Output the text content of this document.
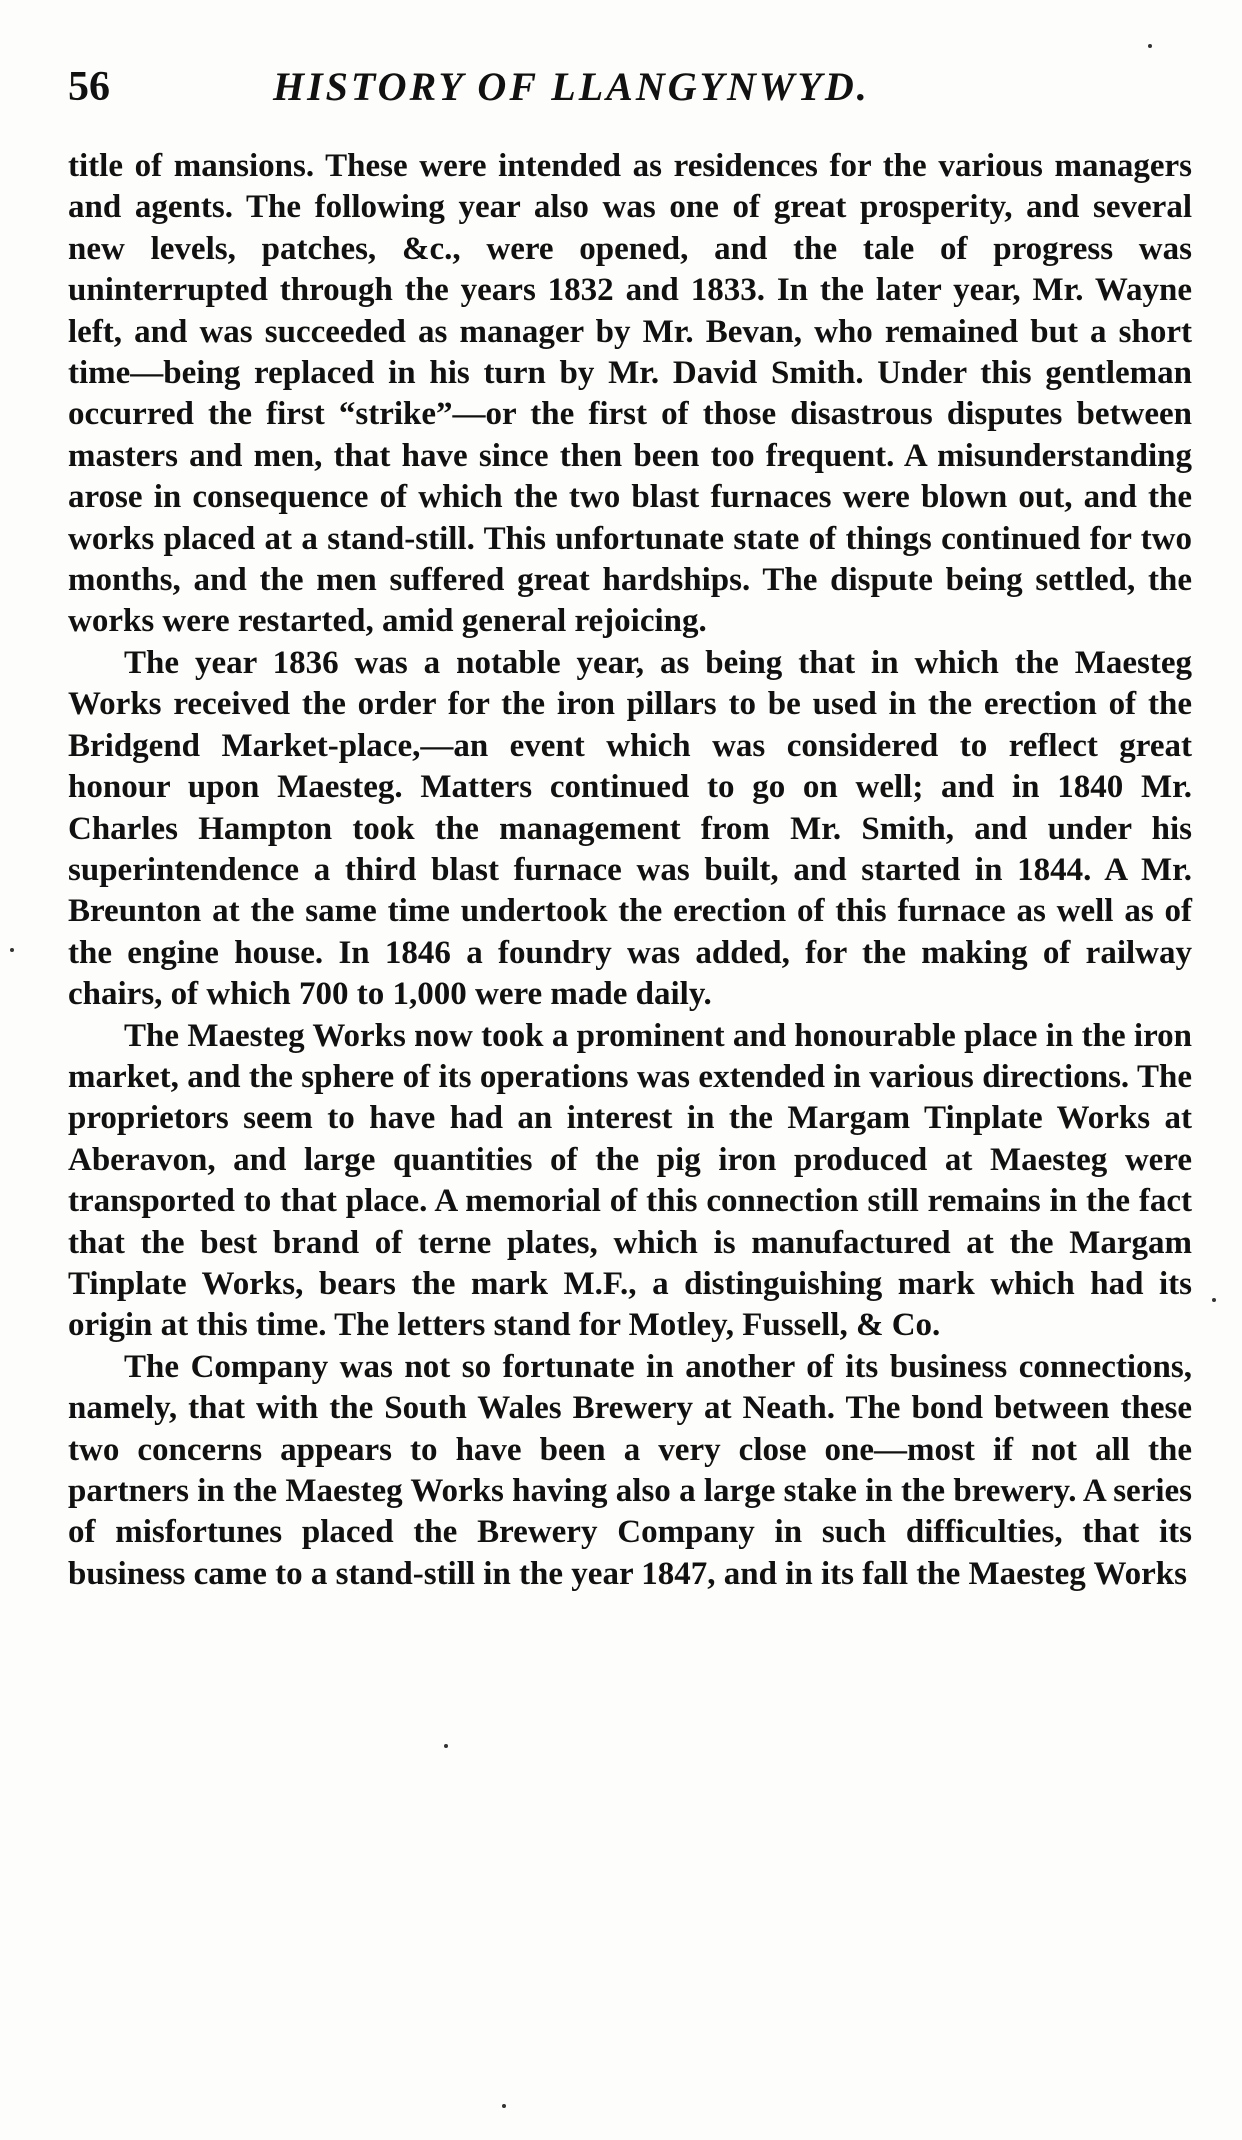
56	HISTORY OF LLANGYNWYD.

title of mansions. These were intended as residences for the various managers and agents. The following year also was one of great prosperity, and several new levels, patches, &c., were opened, and the tale of progress was uninterrupted through the years 1832 and 1833. In the later year, Mr. Wayne left, and was succeeded as manager by Mr. Bevan, who remained but a short time—being replaced in his turn by Mr. David Smith. Under this gentleman occurred the first “strike”—or the first of those disastrous disputes between masters and men, that have since then been too frequent. A misunderstanding arose in consequence of which the two blast furnaces were blown out, and the works placed at a stand-still. This unfortunate state of things continued for two months, and the men suffered great hardships. The dispute being settled, the works were restarted, amid general rejoicing.

The year 1836 was a notable year, as being that in which the Maesteg Works received the order for the iron pillars to be used in the erection of the Bridgend Market-place,—an event which was considered to reflect great honour upon Maesteg. Matters continued to go on well; and in 1840 Mr. Charles Hampton took the management from Mr. Smith, and under his superintendence a third blast furnace was built, and started in 1844. A Mr. Breunton at the same time undertook the erection of this furnace as well as of the engine house. In 1846 a foundry was added, for the making of railway chairs, of which 700 to 1,000 were made daily.

The Maesteg Works now took a prominent and honourable place in the iron market, and the sphere of its operations was extended in various directions. The proprietors seem to have had an interest in the Margam Tinplate Works at Aberavon, and large quantities of the pig iron produced at Maesteg were transported to that place. A memorial of this connection still remains in the fact that the best brand of terne plates, which is manufactured at the Margam Tinplate Works, bears the mark M.F., a distinguishing mark which had its origin at this time. The letters stand for Motley, Fussell, & Co.

The Company was not so fortunate in another of its business connections, namely, that with the South Wales Brewery at Neath. The bond between these two concerns appears to have been a very close one—most if not all the partners in the Maesteg Works having also a large stake in the brewery. A series of misfortunes placed the Brewery Company in such difficulties, that its business came to a stand-still in the year 1847, and in its fall the Maesteg Works
